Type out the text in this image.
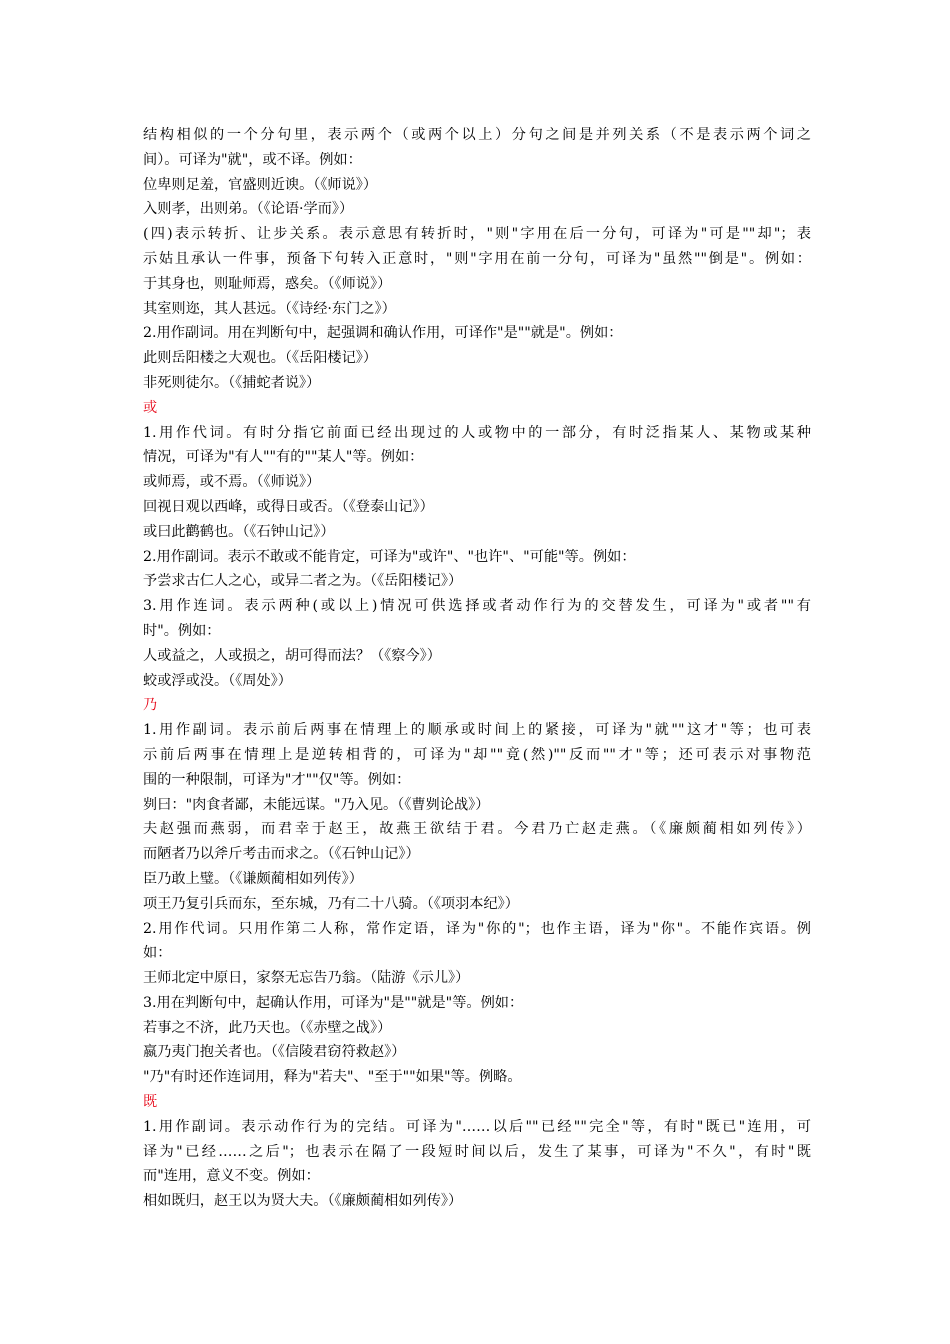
结构相似的一个分句里，表示两个（或两个以上）分句之间是并列关系（不是表示两个词之
间）。可译为"就"，或不译。例如：
位卑则足羞，官盛则近谀。（《师说》）
入则孝，出则弟。（《论语·学而》）
(四)表示转折、让步关系。表示意思有转折时，"则"字用在后一分句，可译为"可是""却"；表
示姑且承认一件事，预备下句转入正意时，"则"字用在前一分句，可译为"虽然""倒是"。例如：
于其身也，则耻师焉，惑矣。（《师说》）
其室则迩，其人甚远。（《诗经·东门之》）
2.用作副词。用在判断句中，起强调和确认作用，可译作"是""就是"。例如：
此则岳阳楼之大观也。（《岳阳楼记》）
非死则徒尔。（《捕蛇者说》）
或
1.用作代词。有时分指它前面已经出现过的人或物中的一部分，有时泛指某人、某物或某种
情况，可译为"有人""有的""某人"等。例如：
或师焉，或不焉。（《师说》）
回视日观以西峰，或得日或否。（《登泰山记》）
或曰此鹳鹤也。（《石钟山记》）
2.用作副词。表示不敢或不能肯定，可译为"或许"、"也许"、"可能"等。例如：
予尝求古仁人之心，或异二者之为。（《岳阳楼记》）
3.用作连词。表示两种(或以上)情况可供选择或者动作行为的交替发生，可译为"或者""有
时"。例如：
人或益之，人或损之，胡可得而法？（《察今》）
蛟或浮或没。（《周处》）
乃
1.用作副词。表示前后两事在情理上的顺承或时间上的紧接，可译为"就""这才"等；也可表
示前后两事在情理上是逆转相背的，可译为"却""竟(然)""反而""才"等；还可表示对事物范
围的一种限制，可译为"才""仅"等。例如：
刿曰："肉食者鄙，未能远谋。"乃入见。（《曹刿论战》）
夫赵强而燕弱，而君幸于赵王，故燕王欲结于君。今君乃亡赵走燕。（《廉颇蔺相如列传》）
而陋者乃以斧斤考击而求之。（《石钟山记》）
臣乃敢上璧。（《谦颇蔺相如列传》）
项王乃复引兵而东，至东城，乃有二十八骑。（《项羽本纪》）
2.用作代词。只用作第二人称，常作定语，译为"你的"；也作主语，译为"你"。不能作宾语。例
如：
王师北定中原日，家祭无忘告乃翁。（陆游《示儿》）
3.用在判断句中，起确认作用，可译为"是""就是"等。例如：
若事之不济，此乃天也。（《赤壁之战》）
嬴乃夷门抱关者也。（《信陵君窃符救赵》）
"乃"有时还作连词用，释为"若夫"、"至于""如果"等。例略。
既
1.用作副词。表示动作行为的完结。可译为"……以后""已经""完全"等，有时"既已"连用，可
译为"已经……之后"；也表示在隔了一段短时间以后，发生了某事，可译为"不久"，有时"既
而"连用，意义不变。例如：
相如既归，赵王以为贤大夫。（《廉颇蔺相如列传》）
